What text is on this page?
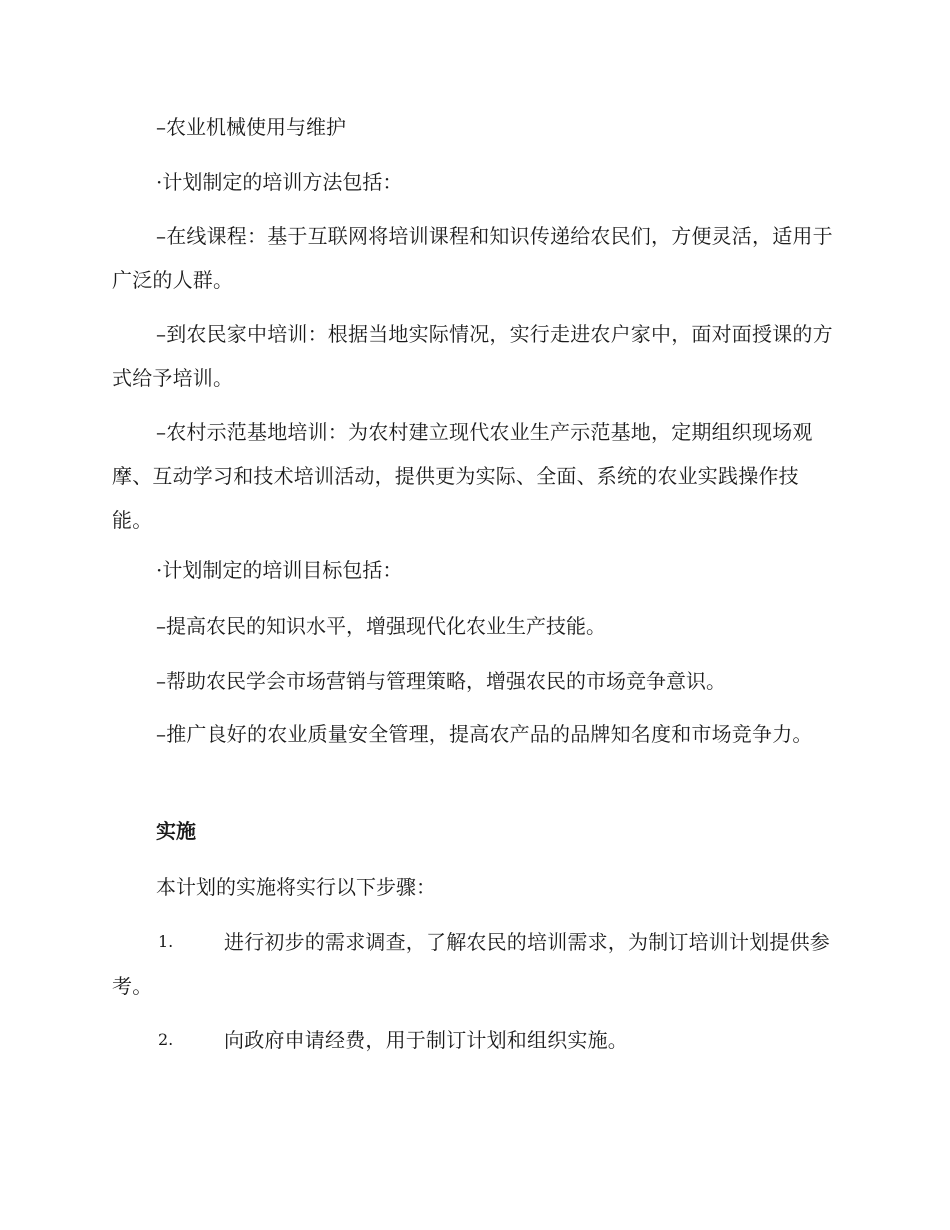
–农业机械使用与维护
·计划制定的培训方法包括：
–在线课程：基于互联网将培训课程和知识传递给农民们，方便灵活，适用于广泛的人群。
–到农民家中培训：根据当地实际情况，实行走进农户家中，面对面授课的方式给予培训。
–农村示范基地培训：为农村建立现代农业生产示范基地，定期组织现场观摩、互动学习和技术培训活动，提供更为实际、全面、系统的农业实践操作技能。
·计划制定的培训目标包括：
–提高农民的知识水平，增强现代化农业生产技能。
–帮助农民学会市场营销与管理策略，增强农民的市场竞争意识。
–推广良好的农业质量安全管理，提高农产品的品牌知名度和市场竞争力。
实施
本计划的实施将实行以下步骤：
1.	进行初步的需求调查，了解农民的培训需求，为制订培训计划提供参考。
2.	向政府申请经费，用于制订计划和组织实施。
